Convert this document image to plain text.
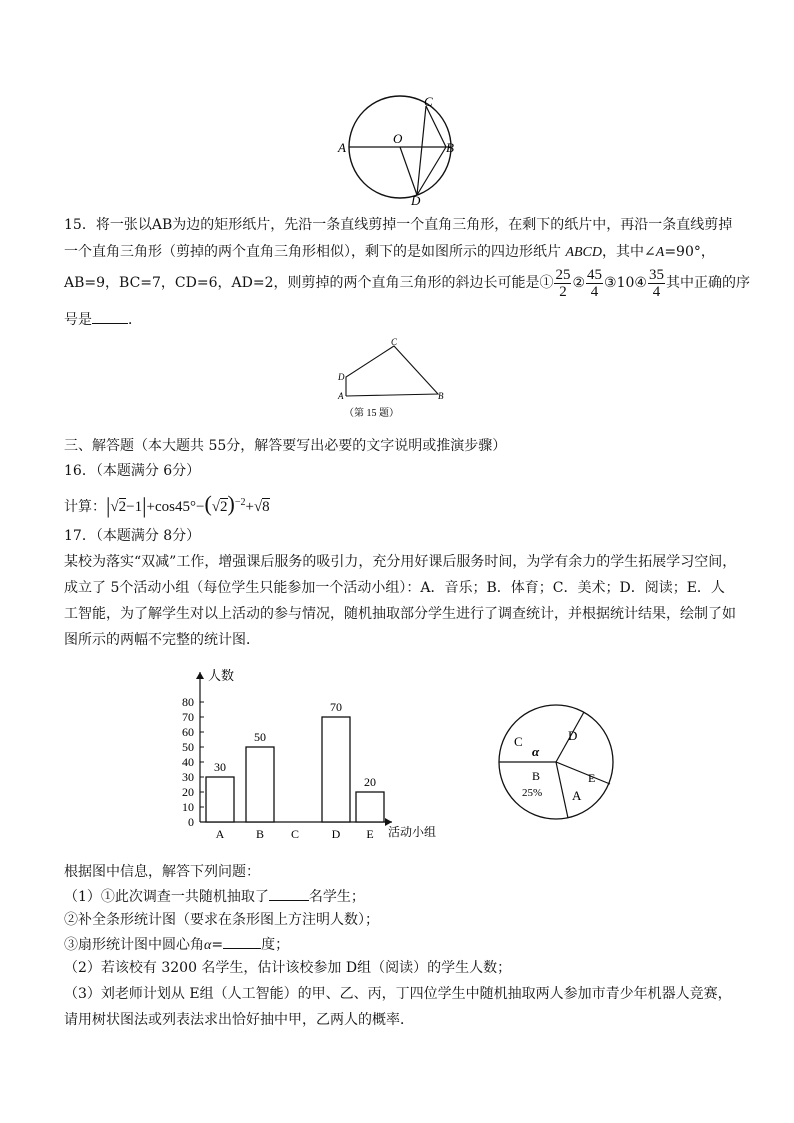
A	B
C
D
O
15．将一张以AB为边的矩形纸片，先沿一条直线剪掉一个直角三角形，在剩下的纸片中，再沿一条直线剪掉
一个直角三角形（剪掉的两个直角三角形相似），剩下的是如图所示的四边形纸片 ABCD，其中∠A=90°，
AB=9，BC=7，CD=6，AD=2，则剪掉的两个直角三角形的斜边长可能是① $\frac{25}{2}$ ② $\frac{45}{4}$ ③10④ $\frac{35}{4}$ 其中正确的序
号是	．
C
D
A	B
（第 15 题）
三、解答题（本大题共 55分，解答要写出必要的文字说明或推演步骤）
16．（本题满分 6分）
计算：$|√2-1|+\cos 45^\circ-(√2)^{-2}+√8$
17．（本题满分 8分）
某校为落实“双减”工作，增强课后服务的吸引力，充分用好课后服务时间，为学有余力的学生拓展学习空间，
成立了 5个活动小组（每位学生只能参加一个活动小组）：A．音乐；B．体育；C．美术；D．阅读；E．人
工智能，为了解学生对以上活动的参与情况，随机抽取部分学生进行了调查统计，并根据统计结果，绘制了如
图所示的两幅不完整的统计图．
人数
活动小组
0
10
20
30
40
50
60
70
80
A
30
B
50
C	D
70
E
20
C
α
D
E
A
B
25%
根据图中信息，解答下列问题：
（1）①此次调查一共随机抽取了	名学生；
②补全条形统计图（要求在条形图上方注明人数）；
③扇形统计图中圆心角α=	度；
（2）若该校有 3200 名学生，估计该校参加 D组（阅读）的学生人数；
（3）刘老师计划从 E组（人工智能）的甲、乙、丙，丁四位学生中随机抽取两人参加市青少年机器人竞赛，
请用树状图法或列表法求出恰好抽中甲，乙两人的概率．
